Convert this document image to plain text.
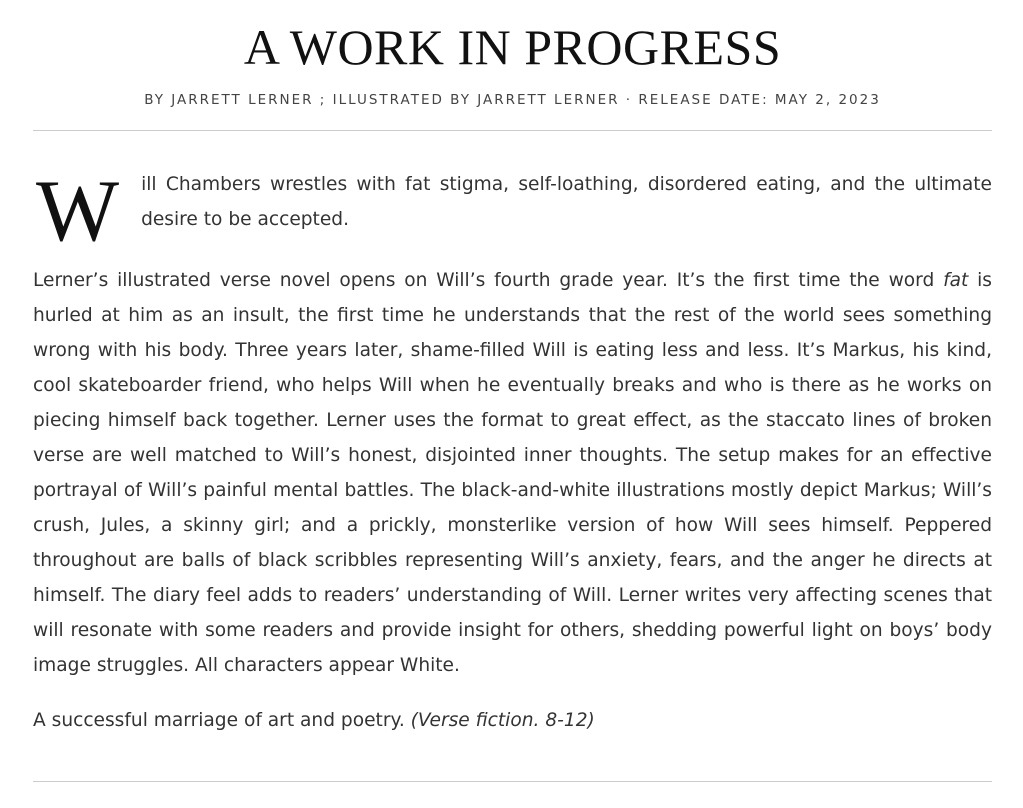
A WORK IN PROGRESS
BY JARRETT LERNER ; ILLUSTRATED BY JARRETT LERNER · RELEASE DATE: MAY 2, 2023

W ill Chambers wrestles with fat stigma, self-loathing, disordered eating, and the ultimate desire to be accepted.

Lerner’s illustrated verse novel opens on Will’s fourth grade year. It’s the first time the word fat is hurled at him as an insult, the first time he understands that the rest of the world sees something wrong with his body. Three years later, shame-filled Will is eating less and less. It’s Markus, his kind, cool skateboarder friend, who helps Will when he eventually breaks and who is there as he works on piecing himself back together. Lerner uses the format to great effect, as the staccato lines of broken verse are well matched to Will’s honest, disjointed inner thoughts. The setup makes for an effective portrayal of Will’s painful mental battles. The black-and-white illustrations mostly depict Markus; Will’s crush, Jules, a skinny girl; and a prickly, monsterlike version of how Will sees himself. Peppered throughout are balls of black scribbles representing Will’s anxiety, fears, and the anger he directs at himself. The diary feel adds to readers’ understanding of Will. Lerner writes very affecting scenes that will resonate with some readers and provide insight for others, shedding powerful light on boys’ body image struggles. All characters appear White.

A successful marriage of art and poetry. (Verse fiction. 8-12)
